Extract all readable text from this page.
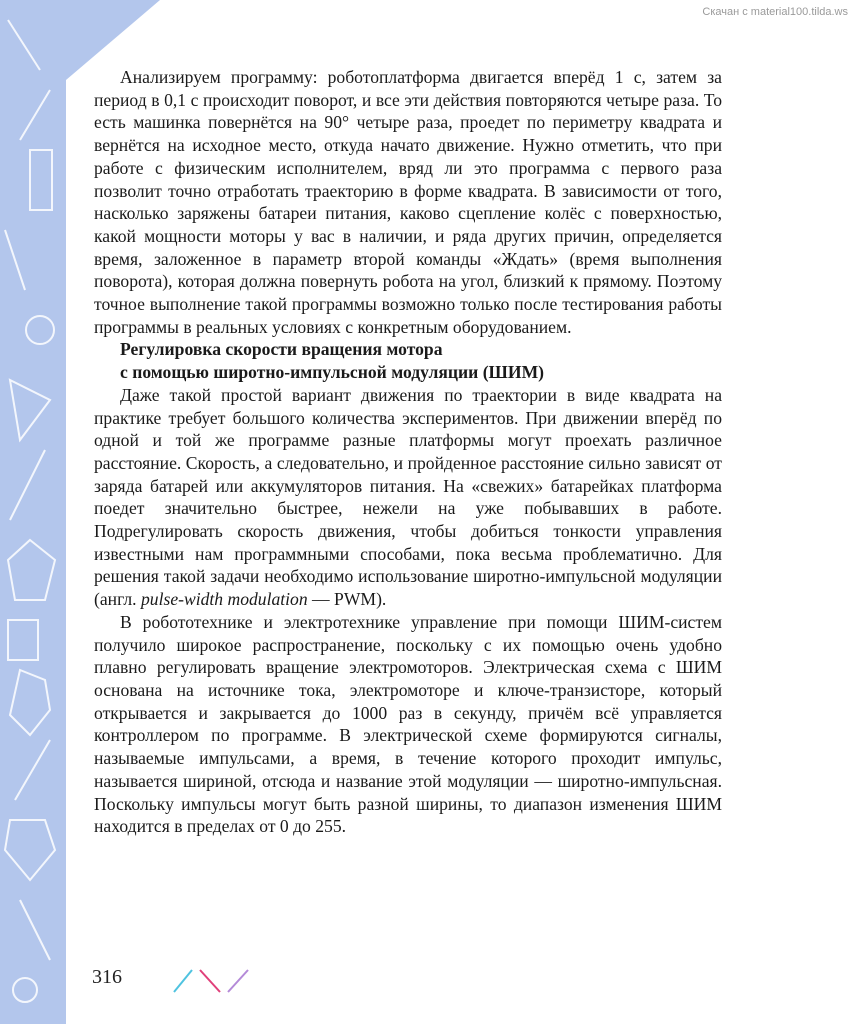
Скачан с material100.tilda.ws

Анализируем программу: роботоплатформа двигается вперёд 1 с, затем за период в 0,1 с происходит поворот, и все эти действия повторяются четыре раза. То есть машинка повернётся на 90° четыре раза, проедет по периметру квадрата и вернётся на исходное место, откуда начато движение. Нужно отметить, что при работе с физическим исполнителем, вряд ли это программа с первого раза позволит точно отработать траекторию в форме квадрата. В зависимости от того, насколько заряжены батареи питания, каково сцепление колёс с поверхностью, какой мощности моторы у вас в наличии, и ряда других причин, определяется время, заложенное в параметр второй команды «Ждать» (время выполнения поворота), которая должна повернуть робота на угол, близкий к прямому. Поэтому точное выполнение такой программы возможно только после тестирования работы программы в реальных условиях с конкретным оборудованием.

Регулировка скорости вращения мотора
с помощью широтно-импульсной модуляции (ШИМ)

Даже такой простой вариант движения по траектории в виде квадрата на практике требует большого количества экспериментов. При движении вперёд по одной и той же программе разные платформы могут проехать различное расстояние. Скорость, а следовательно, и пройденное расстояние сильно зависят от заряда батарей или аккумуляторов питания. На «свежих» батарейках платформа поедет значительно быстрее, нежели на уже побывавших в работе. Подрегулировать скорость движения, чтобы добиться тонкости управления известными нам программными способами, пока весьма проблематично. Для решения такой задачи необходимо использование широтно-импульсной модуляции (англ. pulse-width modulation — PWM).

В робототехнике и электротехнике управление при помощи ШИМ-систем получило широкое распространение, поскольку с их помощью очень удобно плавно регулировать вращение электромоторов. Электрическая схема с ШИМ основана на источнике тока, электромоторе и ключе-транзисторе, который открывается и закрывается до 1000 раз в секунду, причём всё управляется контроллером по программе. В электрической схеме формируются сигналы, называемые импульсами, а время, в течение которого проходит импульс, называется шириной, отсюда и название этой модуляции — широтно-импульсная. Поскольку импульсы могут быть разной ширины, то диапазон изменения ШИМ находится в пределах от 0 до 255.

316
